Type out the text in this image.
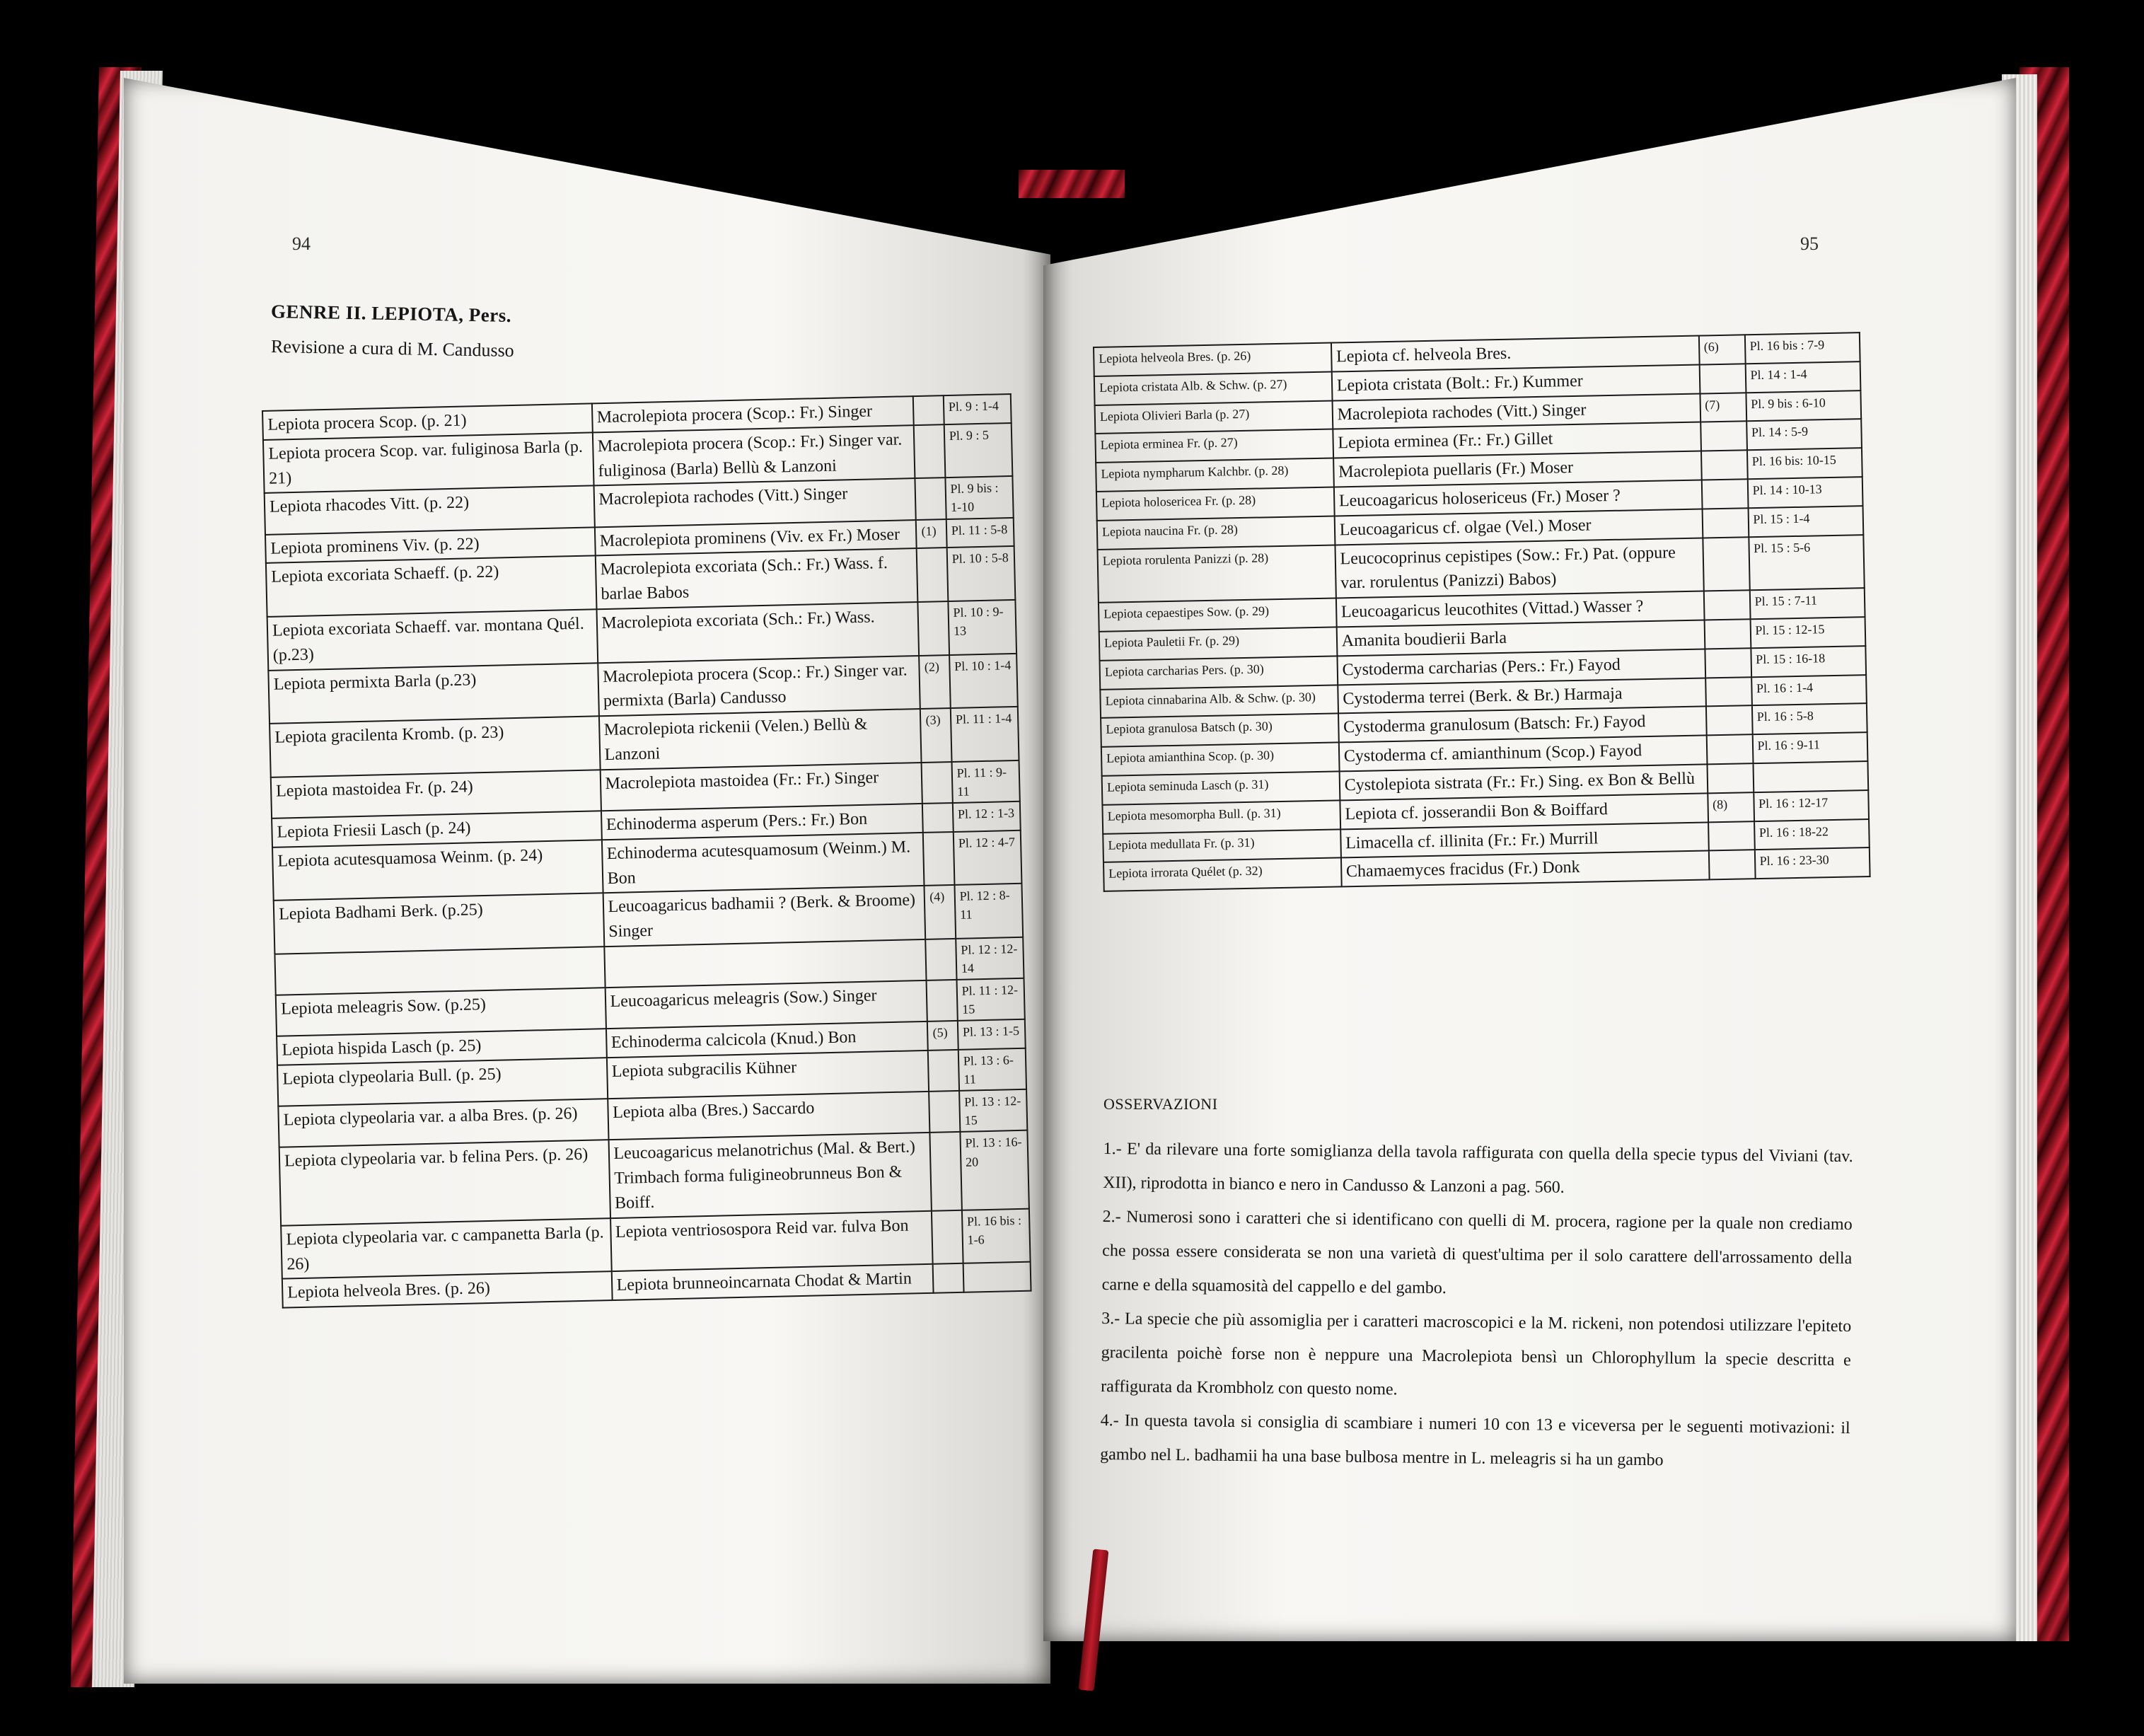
94
GENRE II. LEPIOTA, Pers.
Revisione a cura di M. Candusso
Lepiota procera Scop. (p. 21)	Macrolepiota procera (Scop.: Fr.) Singer		Pl. 9 : 1-4
Lepiota procera Scop. var. fuliginosa Barla (p. 21)	Macrolepiota procera (Scop.: Fr.) Singer var. fuliginosa (Barla) Bellù & Lanzoni		Pl. 9 : 5
Lepiota rhacodes Vitt. (p. 22)	Macrolepiota rachodes (Vitt.) Singer		Pl. 9 bis : 1-10
Lepiota prominens Viv. (p. 22)	Macrolepiota prominens (Viv. ex Fr.) Moser	(1)	Pl. 11 : 5-8
Lepiota excoriata Schaeff. (p. 22)	Macrolepiota excoriata (Sch.: Fr.) Wass. f. barlae Babos		Pl. 10 : 5-8
Lepiota excoriata Schaeff. var. montana Quél. (p.23)	Macrolepiota excoriata (Sch.: Fr.) Wass.		Pl. 10 : 9-13
Lepiota permixta Barla (p.23)	Macrolepiota procera (Scop.: Fr.) Singer var. permixta (Barla) Candusso	(2)	Pl. 10 : 1-4
Lepiota gracilenta Kromb. (p. 23)	Macrolepiota rickenii (Velen.) Bellù & Lanzoni	(3)	Pl. 11 : 1-4
Lepiota mastoidea Fr. (p. 24)	Macrolepiota mastoidea (Fr.: Fr.) Singer		Pl. 11 : 9-11
Lepiota Friesii Lasch (p. 24)	Echinoderma asperum (Pers.: Fr.) Bon		Pl. 12 : 1-3
Lepiota acutesquamosa Weinm. (p. 24)	Echinoderma acutesquamosum (Weinm.) M. Bon		Pl. 12 : 4-7
Lepiota Badhami Berk. (p.25)	Leucoagaricus badhamii ? (Berk. & Broome) Singer	(4)	Pl. 12 : 8-11
			Pl. 12 : 12-14
Lepiota meleagris Sow. (p.25)	Leucoagaricus meleagris (Sow.) Singer		Pl. 11 : 12-15
Lepiota hispida Lasch (p. 25)	Echinoderma calcicola (Knud.) Bon	(5)	Pl. 13 : 1-5
Lepiota clypeolaria Bull. (p. 25)	Lepiota subgracilis Kühner		Pl. 13 : 6-11
Lepiota clypeolaria var. a alba Bres. (p. 26)	Lepiota alba (Bres.) Saccardo		Pl. 13 : 12-15
Lepiota clypeolaria var. b felina Pers. (p. 26)	Leucoagaricus melanotrichus (Mal. & Bert.) Trimbach forma fuligineobrunneus Bon & Boiff.		Pl. 13 : 16-20
Lepiota clypeolaria var. c campanetta Barla (p. 26)	Lepiota ventriosospora Reid var. fulva Bon		Pl. 16 bis : 1-6
Lepiota helveola Bres. (p. 26)	Lepiota brunneoincarnata Chodat & Martin		
95
Lepiota helveola Bres. (p. 26)	Lepiota cf. helveola Bres.	(6)	Pl. 16 bis : 7-9
Lepiota cristata Alb. & Schw. (p. 27)	Lepiota cristata (Bolt.: Fr.) Kummer		Pl. 14 : 1-4
Lepiota Olivieri Barla (p. 27)	Macrolepiota rachodes (Vitt.) Singer	(7)	Pl. 9 bis : 6-10
Lepiota erminea Fr. (p. 27)	Lepiota erminea (Fr.: Fr.) Gillet		Pl. 14 : 5-9
Lepiota nympharum Kalchbr. (p. 28)	Macrolepiota puellaris (Fr.) Moser		Pl. 16 bis: 10-15
Lepiota holosericea Fr. (p. 28)	Leucoagaricus holosericeus (Fr.) Moser ?		Pl. 14 : 10-13
Lepiota naucina Fr. (p. 28)	Leucoagaricus cf. olgae (Vel.) Moser		Pl. 15 : 1-4
Lepiota rorulenta Panizzi (p. 28)	Leucocoprinus cepistipes (Sow.: Fr.) Pat. (oppure var. rorulentus (Panizzi) Babos)		Pl. 15 : 5-6
Lepiota cepaestipes Sow. (p. 29)	Leucoagaricus leucothites (Vittad.) Wasser ?		Pl. 15 : 7-11
Lepiota Pauletii Fr. (p. 29)	Amanita boudierii Barla		Pl. 15 : 12-15
Lepiota carcharias Pers. (p. 30)	Cystoderma carcharias (Pers.: Fr.) Fayod		Pl. 15 : 16-18
Lepiota cinnabarina Alb. & Schw. (p. 30)	Cystoderma terrei (Berk. & Br.) Harmaja		Pl. 16 : 1-4
Lepiota granulosa Batsch (p. 30)	Cystoderma granulosum (Batsch: Fr.) Fayod		Pl. 16 : 5-8
Lepiota amianthina Scop. (p. 30)	Cystoderma cf. amianthinum (Scop.) Fayod		Pl. 16 : 9-11
Lepiota seminuda Lasch (p. 31)	Cystolepiota sistrata (Fr.: Fr.) Sing. ex Bon & Bellù		
Lepiota mesomorpha Bull. (p. 31)	Lepiota cf. josserandii Bon & Boiffard	(8)	Pl. 16 : 12-17
Lepiota medullata Fr. (p. 31)	Limacella cf. illinita (Fr.: Fr.) Murrill		Pl. 16 : 18-22
Lepiota irrorata Quélet (p. 32)	Chamaemyces fracidus (Fr.) Donk		Pl. 16 : 23-30
OSSERVAZIONI

1.- E' da rilevare una forte somiglianza della tavola raffigurata con quella della specie typus del Viviani (tav. XII), riprodotta in bianco e nero in Candusso & Lanzoni a pag. 560.

2.- Numerosi sono i caratteri che si identificano con quelli di M. procera, ragione per la quale non crediamo che possa essere considerata se non una varietà di quest'ultima per il solo carattere dell'arrossamento della carne e della squamosità del cappello e del gambo.

3.- La specie che più assomiglia per i caratteri macroscopici e la M. rickeni, non potendosi utilizzare l'epiteto gracilenta poichè forse non è neppure una Macrolepiota bensì un Chlorophyllum la specie descritta e raffigurata da Krombholz con questo nome.

4.- In questa tavola si consiglia di scambiare i numeri 10 con 13 e viceversa per le seguenti motivazioni: il gambo nel L. badhamii ha una base bulbosa mentre in L. meleagris si ha un gambo
